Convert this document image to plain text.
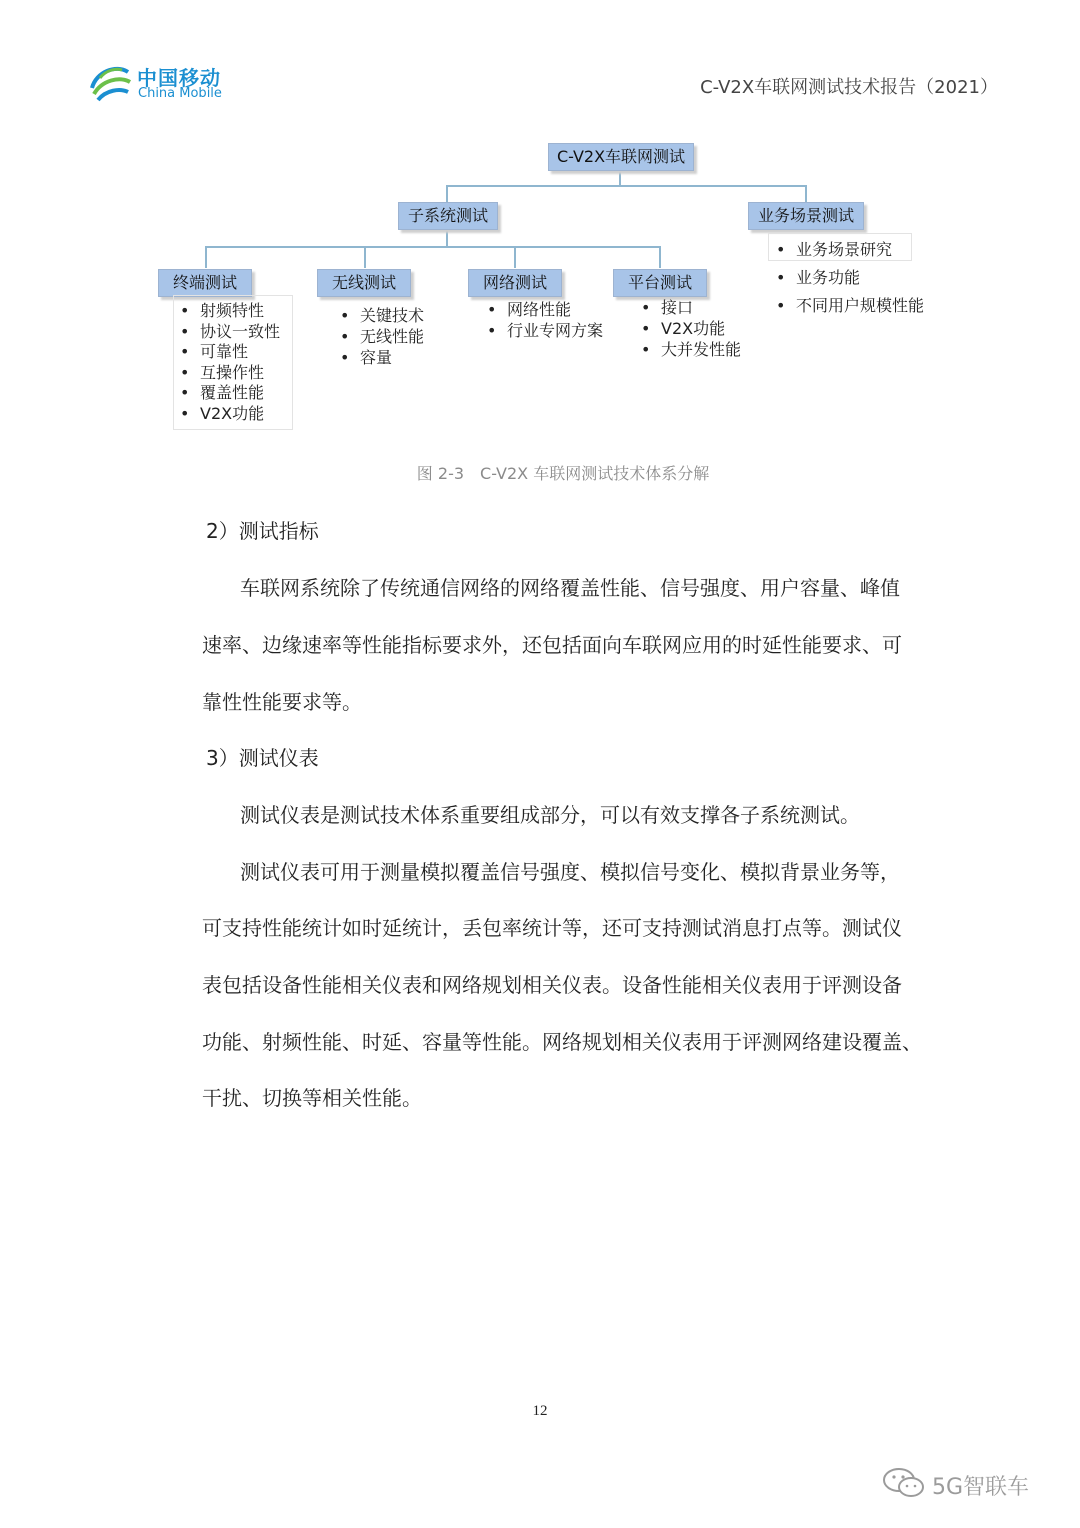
中国移动
China Mobile	C-V2X车联网测试技术报告（2021）
C-V2X车联网测试
子系统测试	业务场景测试
终端测试	无线测试	网络测试	平台测试
• 业务场景研究
• 业务功能
• 不同用户规模性能
• 射频特性
• 协议一致性
• 可靠性
• 互操作性
• 覆盖性能
• V2X功能
• 关键技术
• 无线性能
• 容量
• 网络性能
• 行业专网方案
• 接口
• V2X功能
• 大并发性能
图 2-3　C-V2X 车联网测试技术体系分解
2）测试指标
车联网系统除了传统通信网络的网络覆盖性能、信号强度、用户容量、峰值
速率、边缘速率等性能指标要求外，还包括面向车联网应用的时延性能要求、可
靠性性能要求等。
3）测试仪表
测试仪表是测试技术体系重要组成部分，可以有效支撑各子系统测试。
测试仪表可用于测量模拟覆盖信号强度、模拟信号变化、模拟背景业务等，
可支持性能统计如时延统计，丢包率统计等，还可支持测试消息打点等。测试仪
表包括设备性能相关仪表和网络规划相关仪表。设备性能相关仪表用于评测设备
功能、射频性能、时延、容量等性能。网络规划相关仪表用于评测网络建设覆盖、
干扰、切换等相关性能。
12
5G智联车
